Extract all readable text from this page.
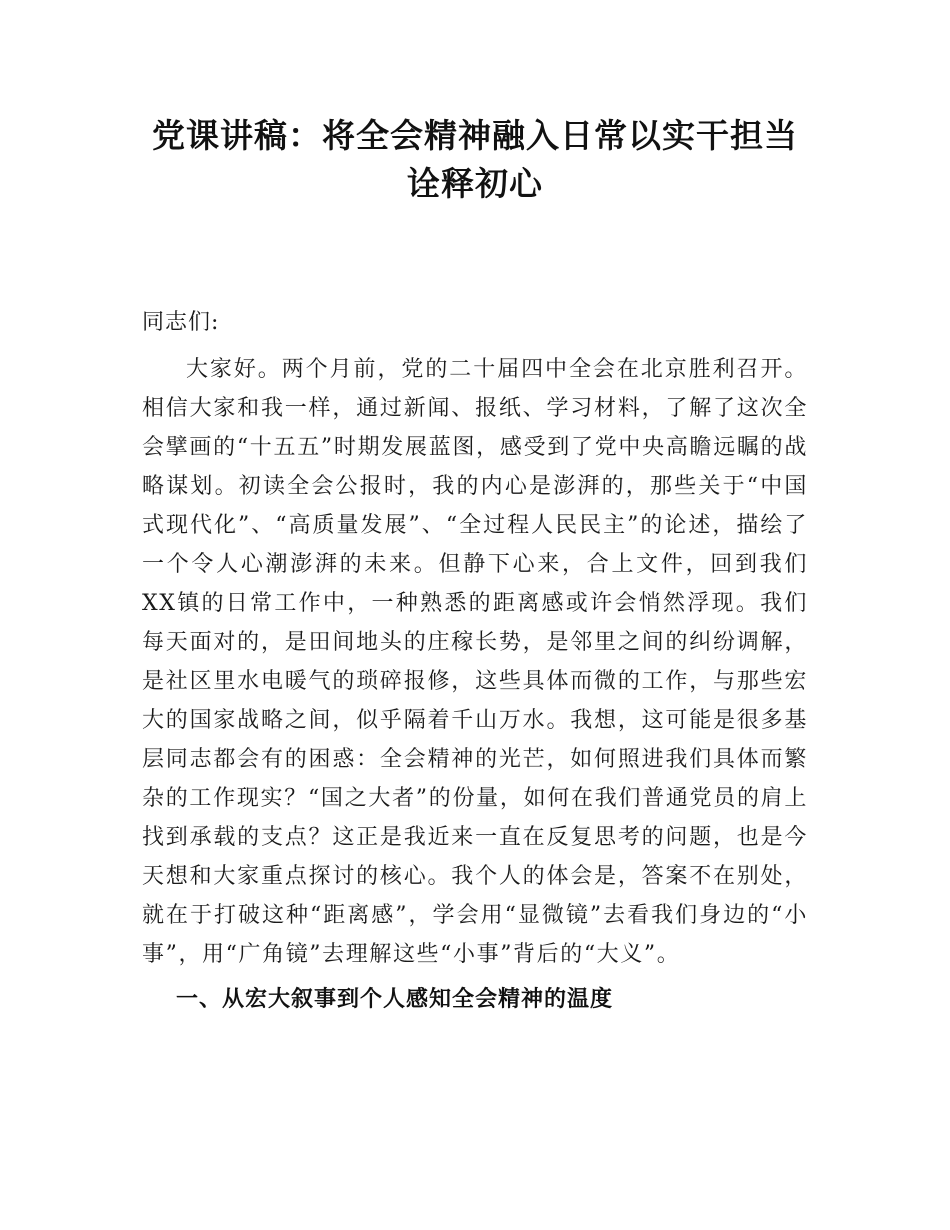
党课讲稿：将全会精神融入日常以实干担当
诠释初心

同志们:

大家好。两个月前，党的二十届四中全会在北京胜利召开。相信大家和我一样，通过新闻、报纸、学习材料，了解了这次全会擘画的“十五五”时期发展蓝图，感受到了党中央高瞻远瞩的战略谋划。初读全会公报时，我的内心是澎湃的，那些关于“中国式现代化”、“高质量发展”、“全过程人民民主”的论述，描绘了一个令人心潮澎湃的未来。但静下心来，合上文件，回到我们XX镇的日常工作中，一种熟悉的距离感或许会悄然浮现。我们每天面对的，是田间地头的庄稼长势，是邻里之间的纠纷调解，是社区里水电暖气的琐碎报修，这些具体而微的工作，与那些宏大的国家战略之间，似乎隔着千山万水。我想，这可能是很多基层同志都会有的困惑：全会精神的光芒，如何照进我们具体而繁杂的工作现实？“国之大者”的份量，如何在我们普通党员的肩上找到承载的支点？这正是我近来一直在反复思考的问题，也是今天想和大家重点探讨的核心。我个人的体会是，答案不在别处，就在于打破这种“距离感”，学会用“显微镜”去看我们身边的“小事”，用“广角镜”去理解这些“小事”背后的“大义”。

一、从宏大叙事到个人感知全会精神的温度
